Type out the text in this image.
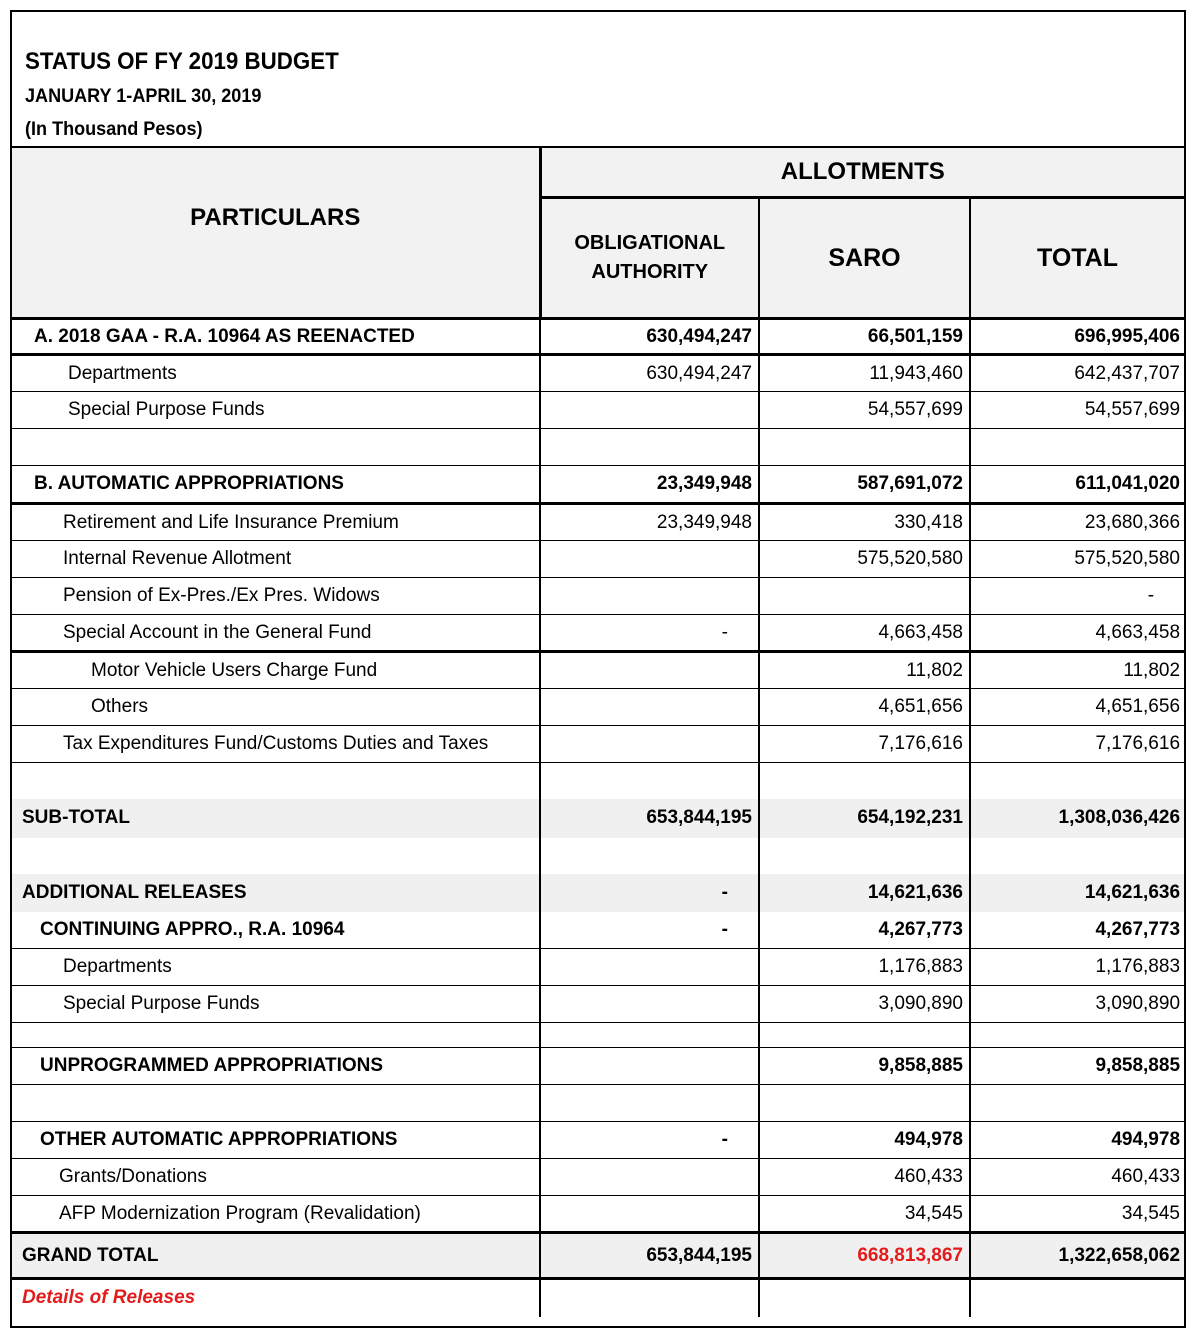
STATUS OF FY 2019 BUDGET
JANUARY 1-APRIL 30, 2019
(In Thousand Pesos)
PARTICULARS	ALLOTMENTS		

	OBLIGATIONAL
AUTHORITY	SARO	TOTAL
A. 2018 GAA - R.A. 10964 AS REENACTED	630,494,247	66,501,159	696,995,406
Departments	630,494,247	11,943,460	642,437,707
Special Purpose Funds		54,557,699	54,557,699

B. AUTOMATIC APPROPRIATIONS	23,349,948	587,691,072	611,041,020
Retirement and Life Insurance Premium	23,349,948	330,418	23,680,366
Internal Revenue Allotment		575,520,580	575,520,580
Pension of Ex-Pres./Ex Pres. Widows			-
Special Account in the General Fund	-	4,663,458	4,663,458
Motor Vehicle Users Charge Fund		11,802	11,802
Others		4,651,656	4,651,656
Tax Expenditures Fund/Customs Duties and Taxes		7,176,616	7,176,616

SUB-TOTAL	653,844,195	654,192,231	1,308,036,426

ADDITIONAL RELEASES	-	14,621,636	14,621,636
CONTINUING APPRO., R.A. 10964	-	4,267,773	4,267,773
Departments		1,176,883	1,176,883
Special Purpose Funds		3,090,890	3,090,890

UNPROGRAMMED APPROPRIATIONS		9,858,885	9,858,885

OTHER AUTOMATIC APPROPRIATIONS	-	494,978	494,978
Grants/Donations		460,433	460,433
AFP Modernization Program (Revalidation)		34,545	34,545
GRAND TOTAL	653,844,195	668,813,867	1,322,658,062
Details of Releases			
